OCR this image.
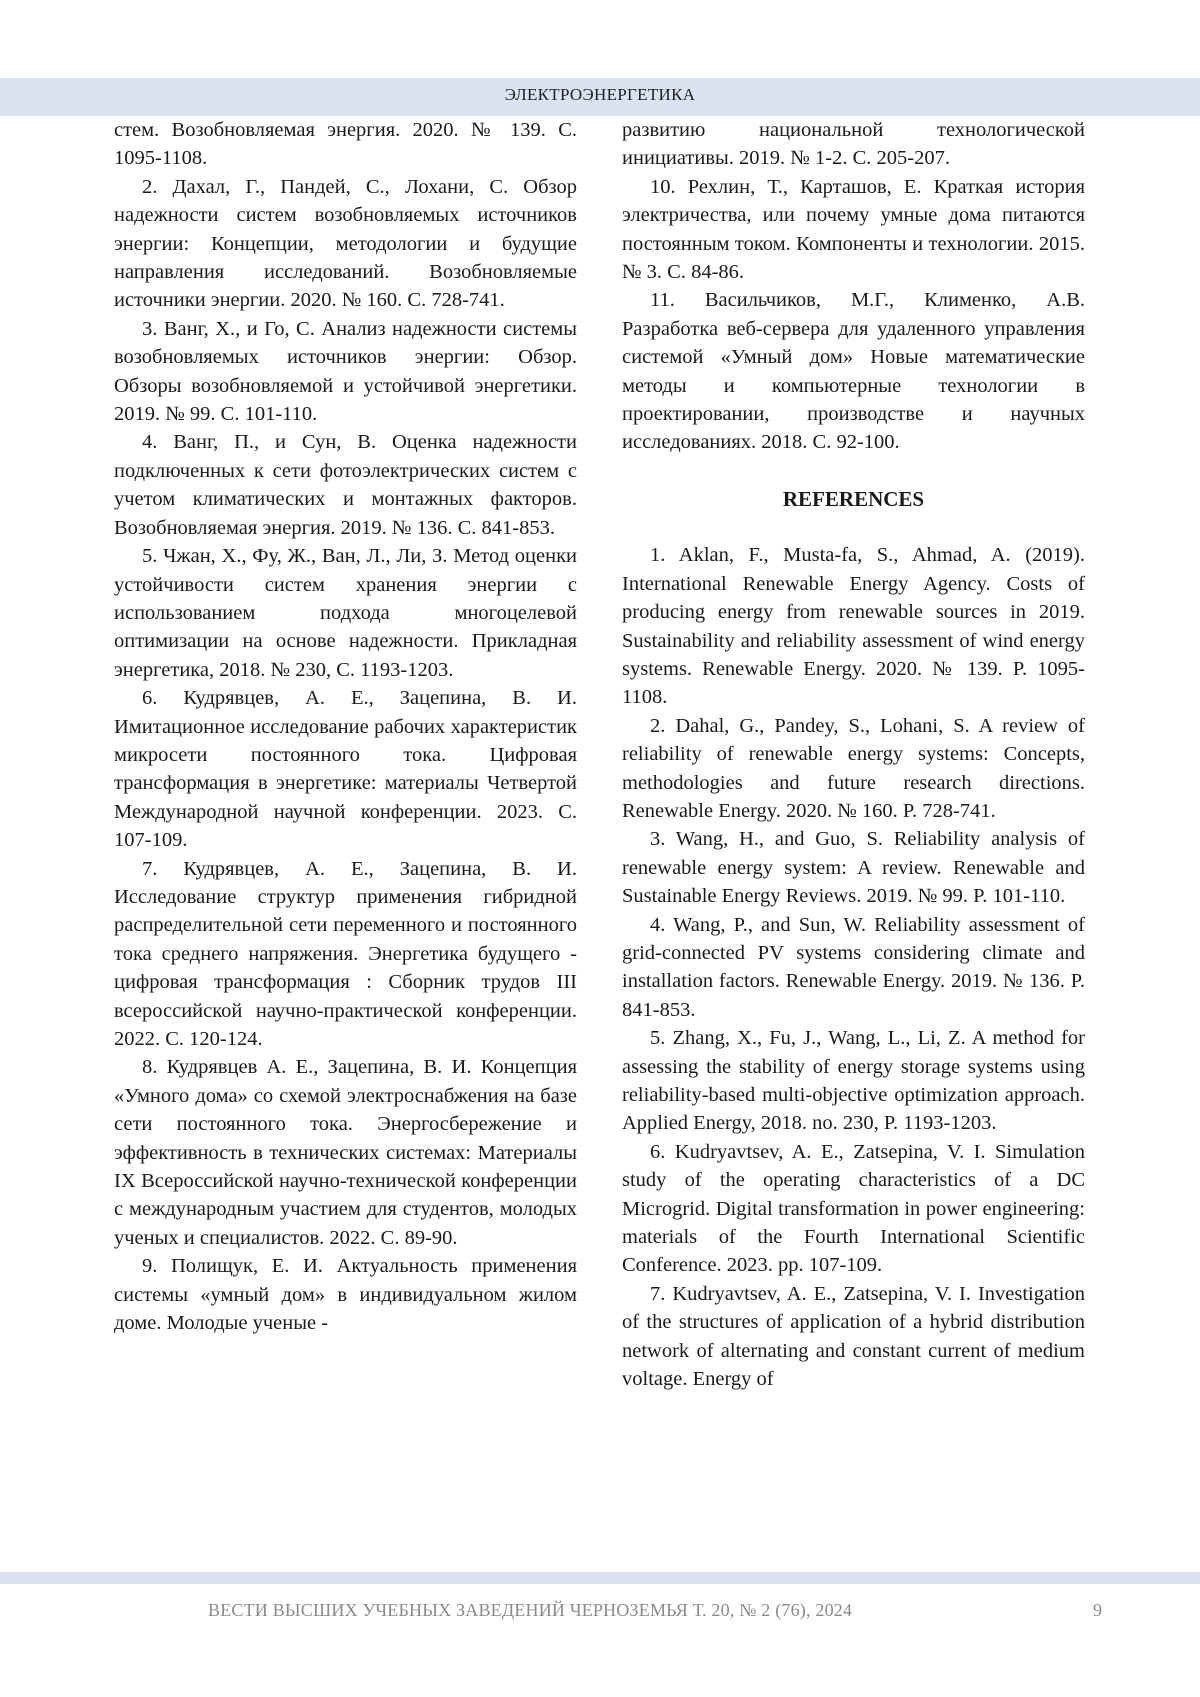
ЭЛЕКТРОЭНЕРГЕТИКА

стем. Возобновляемая энергия. 2020. № 139. С. 1095-1108.

2. Дахал, Г., Пандей, С., Лохани, С. Обзор надежности систем возобновляемых источников энергии: Концепции, методологии и будущие направления исследований. Возобновляемые источники энергии. 2020. № 160. С. 728-741.

3. Ванг, Х., и Го, С. Анализ надежности системы возобновляемых источников энергии: Обзор. Обзоры возобновляемой и устойчивой энергетики. 2019. № 99. С. 101-110.

4. Ванг, П., и Сун, В. Оценка надежности подключенных к сети фотоэлектрических систем с учетом климатических и монтажных факторов. Возобновляемая энергия. 2019. № 136. С. 841-853.

5. Чжан, Х., Фу, Ж., Ван, Л., Ли, З. Метод оценки устойчивости систем хранения энергии с использованием подхода многоцелевой оптимизации на основе надежности. Прикладная энергетика, 2018. № 230, С. 1193-1203.

6. Кудрявцев, А. Е., Зацепина, В. И. Имитационное исследование рабочих характеристик микросети постоянного тока. Цифровая трансформация в энергетике: материалы Четвертой Международной научной конференции. 2023. С. 107-109.

7. Кудрявцев, А. Е., Зацепина, В. И. Исследование структур применения гибридной распределительной сети переменного и постоянного тока среднего напряжения. Энергетика будущего - цифровая трансформация : Сборник трудов III всероссийской научно-практической конференции. 2022. С. 120-124.

8. Кудрявцев А. Е., Зацепина, В. И. Концепция «Умного дома» со схемой электроснабжения на базе сети постоянного тока. Энергосбережение и эффективность в технических системах: Материалы IX Всероссийской научно-технической конференции с международным участием для студентов, молодых ученых и специалистов. 2022. С. 89-90.

9. Полищук, Е. И. Актуальность применения системы «умный дом» в индивидуальном жилом доме. Молодые ученые -

развитию национальной технологической инициативы. 2019. № 1-2. С. 205-207.

10. Рехлин, Т., Карташов, Е. Краткая история электричества, или почему умные дома питаются постоянным током. Компоненты и технологии. 2015. № 3. С. 84-86.

11. Васильчиков, М.Г., Клименко, А.В. Разработка веб-сервера для удаленного управления системой «Умный дом» Новые математические методы и компьютерные технологии в проектировании, производстве и научных исследованиях. 2018. С. 92-100.

REFERENCES

1. Aklan, F., Musta-fa, S., Ahmad, A. (2019). International Renewable Energy Agency. Costs of producing energy from renewable sources in 2019. Sustainability and reliability assessment of wind energy systems. Renewable Energy. 2020. № 139. P. 1095-1108.

2. Dahal, G., Pandey, S., Lohani, S. A review of reliability of renewable energy systems: Concepts, methodologies and future research directions. Renewable Energy. 2020. № 160. P. 728-741.

3. Wang, H., and Guo, S. Reliability analysis of renewable energy system: A review. Renewable and Sustainable Energy Reviews. 2019. № 99. P. 101-110.

4. Wang, P., and Sun, W. Reliability assessment of grid-connected PV systems considering climate and installation factors. Renewable Energy. 2019. № 136. P. 841-853.

5. Zhang, X., Fu, J., Wang, L., Li, Z. A method for assessing the stability of energy storage systems using reliability-based multi-objective optimization approach. Applied Energy, 2018. no. 230, P. 1193-1203.

6. Kudryavtsev, A. E., Zatsepina, V. I. Simulation study of the operating characteristics of a DC Microgrid. Digital transformation in power engineering: materials of the Fourth International Scientific Conference. 2023. pp. 107-109.

7. Kudryavtsev, A. E., Zatsepina, V. I. Investigation of the structures of application of a hybrid distribution network of alternating and constant current of medium voltage. Energy of

ВЕСТИ ВЫСШИХ УЧЕБНЫХ ЗАВЕДЕНИЙ ЧЕРНОЗЕМЬЯ Т. 20, № 2 (76), 2024	9
